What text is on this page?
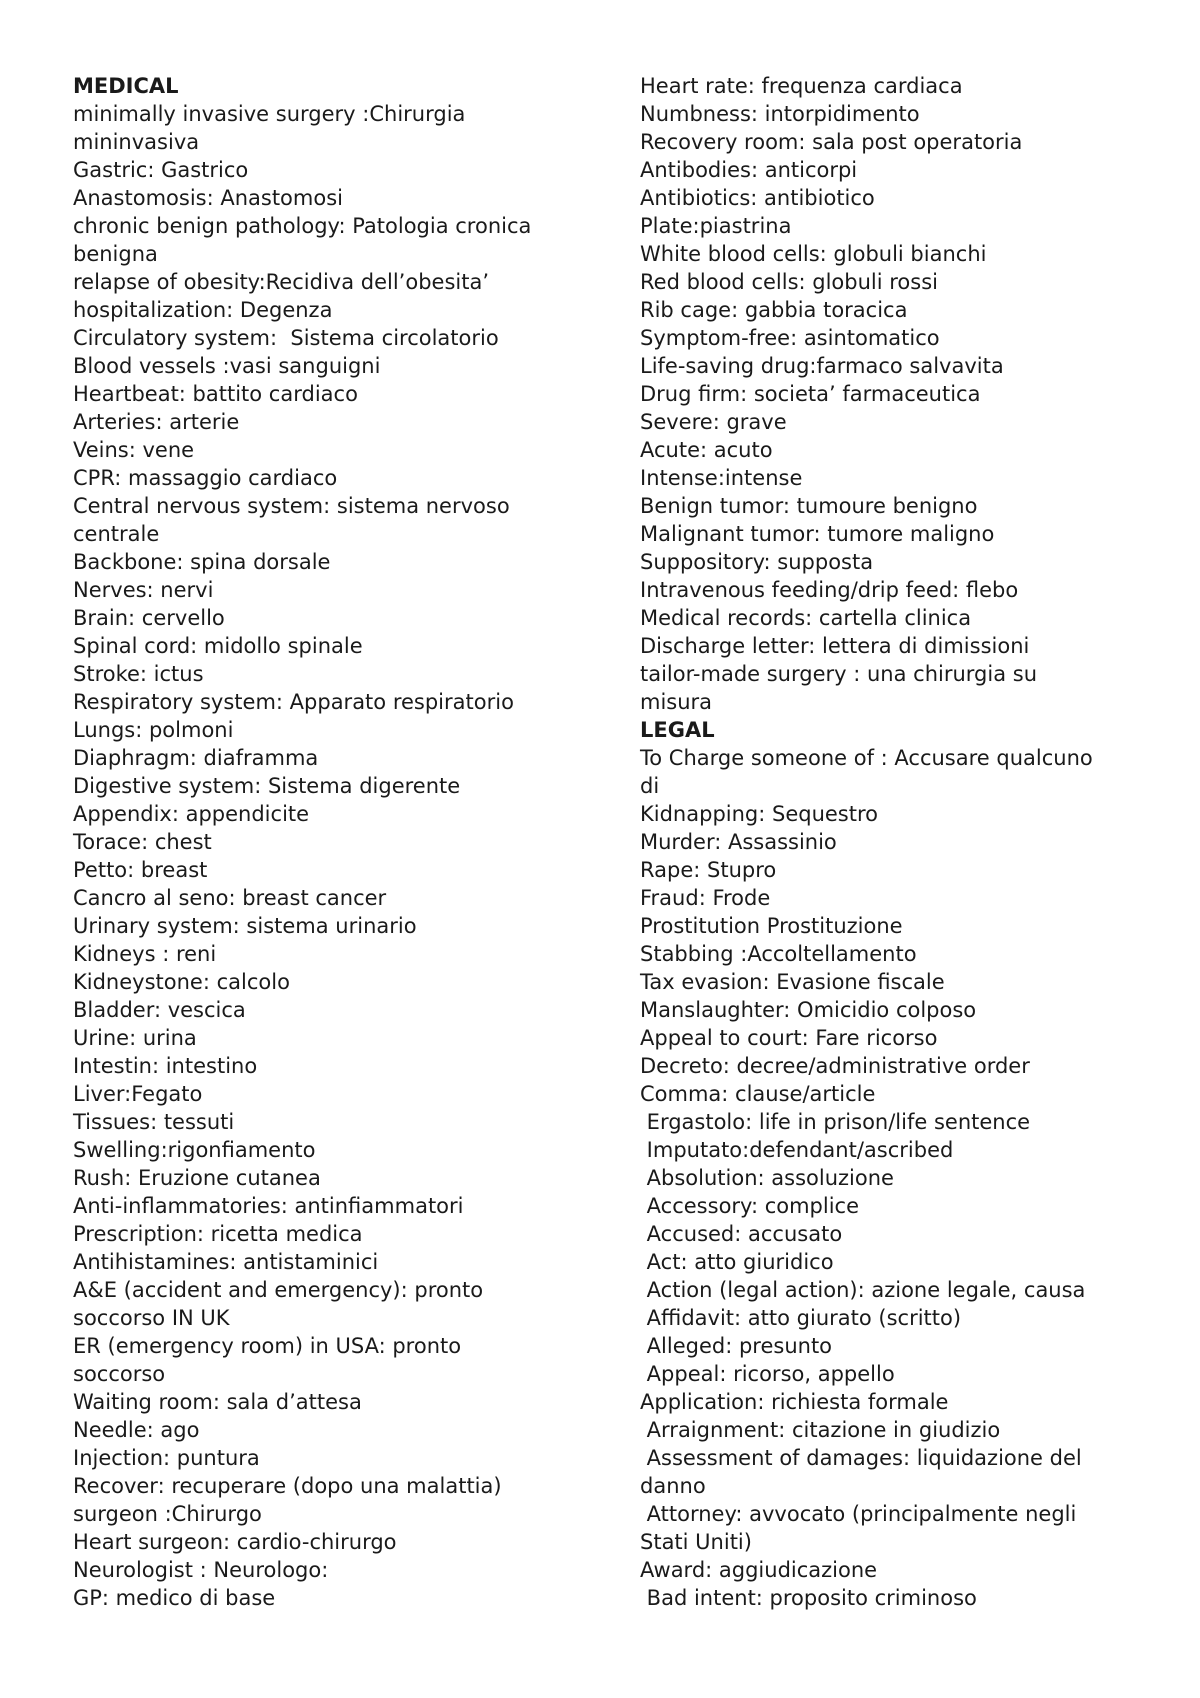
MEDICAL
minimally invasive surgery :Chirurgia
mininvasiva
Gastric: Gastrico
Anastomosis: Anastomosi
chronic benign pathology: Patologia cronica
benigna
relapse of obesity:Recidiva dell’obesita’
hospitalization: Degenza
Circulatory system:  Sistema circolatorio
Blood vessels :vasi sanguigni
Heartbeat: battito cardiaco
Arteries: arterie
Veins: vene
CPR: massaggio cardiaco
Central nervous system: sistema nervoso
centrale
Backbone: spina dorsale
Nerves: nervi
Brain: cervello
Spinal cord: midollo spinale
Stroke: ictus
Respiratory system: Apparato respiratorio
Lungs: polmoni
Diaphragm: diaframma
Digestive system: Sistema digerente
Appendix: appendicite
Torace: chest
Petto: breast
Cancro al seno: breast cancer
Urinary system: sistema urinario
Kidneys : reni
Kidneystone: calcolo
Bladder: vescica
Urine: urina
Intestin: intestino
Liver:Fegato
Tissues: tessuti
Swelling:rigonfiamento
Rush: Eruzione cutanea
Anti-inflammatories: antinfiammatori
Prescription: ricetta medica
Antihistamines: antistaminici
A&E (accident and emergency): pronto
soccorso IN UK
ER (emergency room) in USA: pronto
soccorso
Waiting room: sala d’attesa
Needle: ago
Injection: puntura
Recover: recuperare (dopo una malattia)
surgeon :Chirurgo
Heart surgeon: cardio-chirurgo
Neurologist : Neurologo:
GP: medico di base
Heart rate: frequenza cardiaca
Numbness: intorpidimento
Recovery room: sala post operatoria
Antibodies: anticorpi
Antibiotics: antibiotico
Plate:piastrina
White blood cells: globuli bianchi
Red blood cells: globuli rossi
Rib cage: gabbia toracica
Symptom-free: asintomatico
Life-saving drug:farmaco salvavita
Drug firm: societa’ farmaceutica
Severe: grave
Acute: acuto
Intense:intense
Benign tumor: tumoure benigno
Malignant tumor: tumore maligno
Suppository: supposta
Intravenous feeding/drip feed: flebo
Medical records: cartella clinica
Discharge letter: lettera di dimissioni
tailor-made surgery : una chirurgia su
misura
LEGAL
To Charge someone of : Accusare qualcuno
di
Kidnapping: Sequestro
Murder: Assassinio
Rape: Stupro
Fraud: Frode
Prostitution Prostituzione
Stabbing :Accoltellamento
Tax evasion: Evasione fiscale
Manslaughter: Omicidio colposo
Appeal to court: Fare ricorso
Decreto: decree/administrative order
Comma: clause/article
Ergastolo: life in prison/life sentence
Imputato:defendant/ascribed
Absolution: assoluzione
Accessory: complice
Accused: accusato
Act: atto giuridico
Action (legal action): azione legale, causa
Affidavit: atto giurato (scritto)
Alleged: presunto
Appeal: ricorso, appello
Application: richiesta formale
Arraignment: citazione in giudizio
Assessment of damages: liquidazione del
danno
Attorney: avvocato (principalmente negli
Stati Uniti)
Award: aggiudicazione
Bad intent: proposito criminoso
